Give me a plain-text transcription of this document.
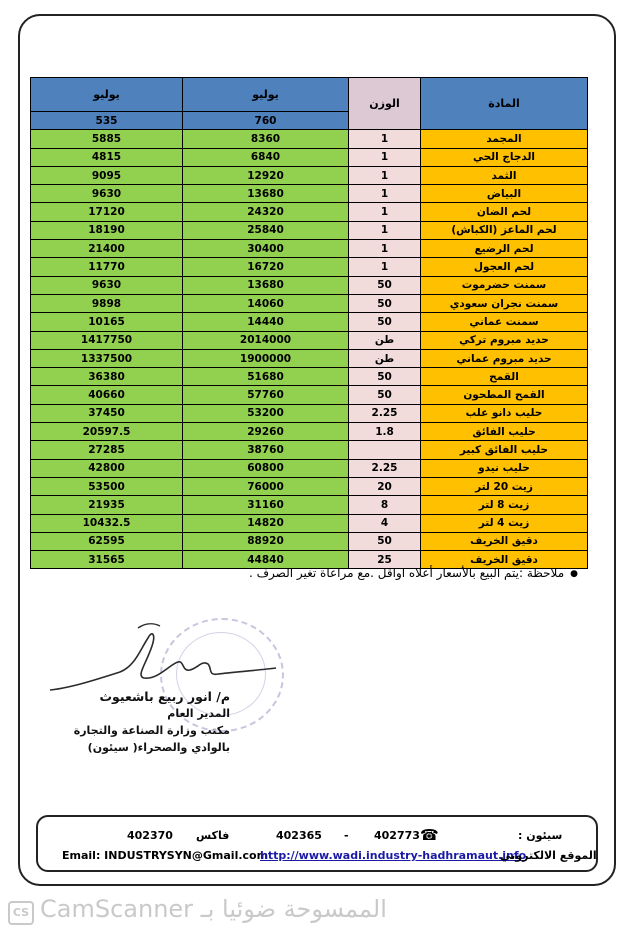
يوليو	يوليو	الوزن	المادة
535	760		
5885	8360	1	المجمد
4815	6840	1	الدجاج الحي
9095	12920	1	الثمد
9630	13680	1	البياض
17120	24320	1	لحم الضان
18190	25840	1	لحم الماعز (الكباش)
21400	30400	1	لحم الرضيع
11770	16720	1	لحم العجول
9630	13680	50	سمنت حضرموت
9898	14060	50	سمنت نجران سعودي
10165	14440	50	سمنت عماني
1417750	2014000	طن	حديد مبروم تركي
1337500	1900000	طن	حديد مبروم عماني
36380	51680	50	القمح
40660	57760	50	القمح المطحون
37450	53200	2.25	حليب دانو علب
20597.5	29260	1.8	حليب الفائق
27285	38760		حليب الفائق كبير
42800	60800	2.25	حليب نيدو
53500	76000	20	زيت 20 لتر
21935	31160	8	زيت 8 لتر
10432.5	14820	4	زيت 4 لتر
62595	88920	50	دقيق الخريف
31565	44840	25	دقيق الخريف
●ملاحظة :يتم البيع بالأسعار أعلاه اواقل .مع مراعاة تغير الصرف .
م/ انور ربيع باشعيوث
المدير العام
مكتب وزارة الصناعة والتجارة
بالوادي والصحراء( سيئون)
402370 فاكس	402365 - 402773 ☎	سيئون :
Email: INDUSTRYSYN@Gmail.com
http://www.wadi.industry-hadhramaut.info
الموقع الالكتروني
CS الممسوحة ضوئيا بـ CamScanner
